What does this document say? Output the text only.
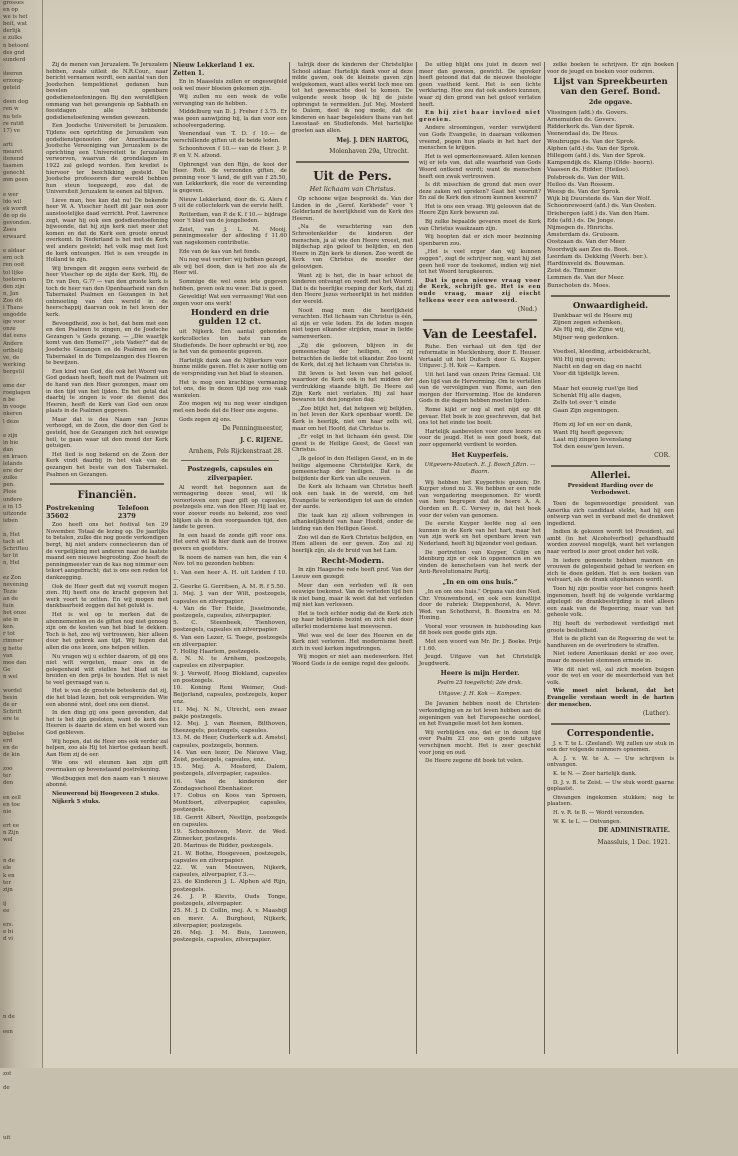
grosses
en op
we is het
beit, wat
derlijk
e zulks
n betoonl
des gnd
sunderd

iteeren
erzong-
geteld

deen dog
ren w
nu tels
re ratifi
17) ve

arti
mearet
itenend
taamen
genecht
mm geen

e wer
ldo wil
ek wordt
de op de
gevonden.
Zeeu
erwaard

e aldaar
ern och
ren ooit
tol lijke
toeteren
den zijn
n, Jan
Zoo dit
i Thans
ongodde
ige voor
onze
dat eens
Andere
ortbelij
ve, de
werking
bergstil

ome der
roeglagen
n be
in vooge
nkeren
l deze

e zijn
in bie
dan
en kraen
lelands
ere der
zulke
pen.
Ploie
undere
e in 15
uitzonde
ieben

n, Het
tach ait
Schrifteu
ter lit
n, Hel

ez Zon
nevening
Tezie
an de
tuin
het onze
ate in
ken.
r tot
rimmer
g bette
van
mee dan
Ge
n wel

wordel
besin
de er
Schrift
ere te

bijbelse
erd
en de
de kin

zoo
ter
den

en zell
en toe
nie

ert ee
n Zijn
wel

n de
ele
k en
ter
zijn

ij
ee

ers.
e bi
d vi

n de

een

zot

de

uit

Zij de menen van Jeruzalem. Te Jeruzalem hebben, zoals uitleit de N.R.Cour., naar bericht vernamen wordt, een aantal van den Joodschen tempeldienst gedanen hun bevelen van openbare godsdienstoefeningen. Bij den wereldlijken ommang van het gevangenis op Sabbath en feestdagen alle hebbende godsdienstoefening wenden gewezen.

Een Joodsche Universiteit te Jeruzalem. Tijdens een oprichting de Jeruzalem van godsdienstgenooten der Amerikaansche Joodsche Vereeniging van Jeruzalem is de oprichting een Universiteit te Jeruzalem verworven, waarvan de grondslagen in 1922 zal gelegd worden. Een krediet is hiervoor ter beschikking gesteld. De Joodsche professoren der wereld hebben hun steun toegezegd, zoo dat de Universiteit Jeruzalem te eenen zal blijven.

Lieve man, hoe kan dat nu! De bekende heer W. A. Visscher heeft dit jaar een zeer aanstootelijke daad verricht. Prof. Lawrence zegt, waar hij ook een godsdienstoefening bijwoonde, dat hij zijn kerk niet meer ziet komen en dat de Kerk een groote onrust overkomt. In Nederland is het met de Kerk wel anders gesteld; het volk mag met lust de kerk ontvangen. Het is een vreugde in Holland te zijn.

Wij brengen dit zeggen eens verheid de heer Visscher op de zijde der Kerk. Hij, de Dr. van Den, G.?? — van den groote kerk is toch de heer van den Openbaarheid van den Tabernakel Psalmen en Gezangen in het ontmoeting van den wereld in de heerschappij daarvan ook in het leven der kerk.

Bevoegdheid, zoo is het, dat hem met een en den Psalmen te zingen, en de Joodsche Gezangen 's Gods gezang. — „Die waarlijk komt van den Hemel?” „iets Vader?” dat de Joodsche Gezangen en de Psalmen om de Tabernakel in de Tempelzangen des Heeren te bewijzen.

Een kind van God, die ook het Woord van God gedaan heeft, heeft met de Psalmen uit de hand van den Heer gezongen, maar om in den tijd van het lijden. En het getal dat daarbij te zingen is voor de dienst des Heeren, heeft de Kerk van God een onze plaats in de Psalmen gegeven.

Maar dat is des Naam van Jezus verhoogd, en de Zoon, die door den God is gesteld, hoe de Gezangen zich het eeuwige heil, te gaan waar uit den mond der Kerk getuigen.

Het lied is nog bekend en de Zoon der Kerk vindt daarbij in het vlak van de gezangen het beste van den Tabernakel. Psalmen en Gezangen.

Financiën.
Postrekening 35602
Telefoon 2379

Zoo heeft ons het festival ten 29 November. Totaal de lezing op. De jaarlijks te betalen, zulke die nog goede verkondigen bergt, hij niet anders connecteeren dan of de vergelijking met anderen naar de laatste maand een nieuwe begrooting. Zoo heeft de penningmeester van de kas nog nimmer een tekort aangebracht; dat is ons een reden tot dankzegging.

Ook de Heer geeft dat wij vooruit mogen zien. Hij heeft ons de kracht gegeven het werk voort te zetten. En wij mogen met dankbaarheid zeggen dat het gelukt is.

Het is wel op te merken dat de abonnementen en de giften nog niet genoeg zijn om de kosten van het blad te dekken. Toch is het, zoo wij vertrouwen, hier alleen door het gebrek aan tijd. Wij hopen dat allen die ons lezen, ons helpen willen.

Nu vragen wij u echter daarom, of gij ons niet wilt vergeten, maar ons in de gelegenheid wilt stellen het blad uit te breiden en den prijs te houden. Het is niet te veel gevraagd van u.

Het is van de grootste beteekenis dat zij, die het blad lezen, het ook verspreiden. Wie een abonné wint, doet ons een dienst.

In den ding gij ons geen gevonden, dat het is het zijn gesloten, want de kerk des Heeren is daarin de stem en het woord van God gebleven.

Wij hopen, dat de Heer ons ook verder zal helpen, zoo als Hij tot hiertoe gedaan heeft. Aan Hem zij de eer.

Wie ons wil steunen kan zijn gift overmaken op bovenstaand postrekening.

Westbuggen met den naam van 't nieuwe abonné.

Nieuwerond bij Hoogeveen 2 stuks.

Nijkerk 5 stuks.

Nieuw Lekkerland 1 ex.
Zetten 1.

En in Maassluis zullen er ongeswijfeld ook wel meer bloeien gekomen zijn.

Wij zullen nu een week de volle vervanging van de hebben.

Middelburg van D. J. Freher f 3.75. Er was geen aanwijzing bij, la dan voor een schoolvergadering.

Veenendaal van T. D. f 10.— de verschillende giften uit de beide leden.

Schoonhoven f 10.— van de Heer. J. P. P. en V. N. afzond.

Opbrengst van den Rijn, de kooi der Heer. Rott. de verzonden giften, de penning voor 't land, de gift van f 25.50, van Lekkerkerk, die voor de verzending is gegeven.

Nieuw Lekkerland, door ds. G. Alers f 5 uit de collectekerk van de eerste helft.

Rotterdam, van P. de K. f 10.— bijdrage voor 't blad van de jongelieden.

Zeist, van J. L. M. Mooij, penningmeester der afdeeling f 11.60 van nagekomen contributie.

Ede van de kas van het fonds.

Nu nog wat verder: wij hebben gezegd, als wij het doen, dan is het zoo als de Heer wil.

Sommige die wel eens iets gegeven hebben, geven ook nu weer. Dat is goed.

Geweldig! Wat een verrassing! Wat een zegen voor ons werk!

Honderd en drie gulden 12 ct.

uit Nijkerk. Een aantal gebonden kerkcollectes ten bate van de Studiefonds. De heer opbracht er bij, zoo is het van de gemeente gegeven.

Hartelijk dank aan de Nijkerkers voor hunne milde gaven. Het is zeer nuttig om de verspreiding van het blad te steunen.

Het is mog een krachtige vermaning tot ons, die in dezen tijd nog zoo vaak wankelen.

Zoo mogen wij nu nog weer eindigen met een bede dat de Heer ons zegene.

Gods zegen zij ons.

De Penningmeester,
J. C. RIJENE.
Arnhem, Pels Rijckenstraat 28.
Postzegels, capsules en zilverpapier.

Al wordt het begonnen aan de vermagering deeze weel, wil ik veroorloven een paar gift op capsules, postzegels enz. van den Heer. Hij laat er, voor zoover reeds nu bekend, zoo veel blijken als in den voorgaanden tijd, den lande te geven.

In een haast de zonde gift voor ons. Het eerst wil ik hier dank aan de trouwe gevers en geefsters.

Ik noem de namen van hen, die van 4 Nov. tot nu gezonden hebben:

1. Van een heer A. H. uit Leiden f 10.—.
2. Geerke G. Gerritsen, A. M. R. f 5.50.
3. Mej. J. van der Wilt, postzegels, capsules en zilverpapier.
4. Van de Ter Heide, Jisselmonde, postzegels, capsules, zilverpapier.
5. C. Steenbeek, Tienhoven, postzegels, capsules en zilverpapier.
6. Van een Lezer, G. Toege, postzegels en zilverpapier.
7. Hollig Haarlem, postzegels.
8. N. N. te Arnhem, postzegels, capsules en zilverpapier.
9. J. Verwolf, Hoog Blokland, capsules en postzegels.
10. Koning Reni Weimer, Oud-Beijerland, capsules, postzegels, koper enz.
11. Mej. N. N., Utrecht, een zwaar pakje postzegels.
12. Mej. J. van Reenen, Bilthoven, theezegels, postzegels, capsules.
13. M. de Heer, Ouderkerk a.d. Amstel, capsules, postzegels, bonnen.
14. Van een lezer, De Nieuwe Vlag, Zeist, postzegels, capsules, enz.
15. Mej. A. Mosterd, Dalem, postzegels, zilverpapier, capsules.
16. Van de kinderen der Zondagsschool Ebenhaëzer.
17. Cobus en Koos van Sprosen, Montfoort, zilverpapier, capsules, postzegels.
18. Gerrit Albert, Nestlijn, postzegels en capsules.
19. Schoonhoven, Mevr. de Wed. Zinnecker, postzegels.
20. Marinus de Ridder, postzegels.
21. W. Bothe, Hoogeveen, postzegels, capsules en zilverpapier.
22. W. van Meeuwen, Nijkerk, capsules, zilverpapier, f 3.—.
23. de Kinderen J. L. Alphen a/d Rijn, postzegels.
24. J. P. Klevits, Ouds Tonge, postzegels, zilverpapier.
25. M. J. D. Collin, mej. A. v. Maasbijl en mevr. A. Burghout, Nijkerk, zilverpapier, postzegels.
26. Mej. J. M. Buis, Leeuwen, postzegels, capsules, zilverpapier.

talrijk door de kinderen der Christelijke School aldaar. Hartelijk dank voor al deze milde gaven, ook de kleinste gaven zijn welgekomen, want alles werkt toch mee om tot het gewenschte doel te komen. De volgende week hoop ik bij de juiste opbrengst te vermelden. Juf. Mej. Mosterd te Dalem, deel ik nog mede, dat de kinderen en haar begeleiders thans van het Leesstaaf- en Studiefonds. Met hartelijke groeten aan allen.

Mej. J. DEN HARTOG,
Molenhaven 29a, Utrecht.
Uit de Pers.
Het lichaam van Christus.

Op schoone wijze bespreekt ds. Van der Linden in de „Geref. Kerkbode” voor 't Gelderland de heerlijkheid van de Kerk des Heeren.

„Na de verachtering van den Schrootenkelder de kinderen der menschen, ja al wie den Heere vreest, met blijdschap zijn geloof te belijden, en den Heere in Zijn kerk te dienen. Zoo wordt de Kerk van Christus de moeder der geloovigen.

Want zij is het, die in haar schoot de kinderen ontvangt en voedt met het Woord. Dat is de heerlijke roeping der Kerk, dat zij den Heere Jezus verheerlijkt in het midden der wereld.

Nooit mag men die heerlijkheid verachten. Het lichaam van Christus is één, al zijn er vele leden. En de leden mogen niet tegen elkander strijden, maar in liefde samenwerken.

„Zij die gelooven, blijven in de gemeenschap der heiligen, en zij betrachten de liefde tot elkander. Zoo toont de Kerk, dat zij het lichaam van Christus is.

Dit leven is het leven van het geloof, waardoor de Kerk ook in het midden der verdrukking staande blijft. De Heere zal Zijn Kerk niet verlaten. Hij zal haar bewaren tot den jongsten dag.

„Zoo blijkt het, dat hetgeen wij belijden, in het leven der Kerk openbaar wordt. De Kerk is heerlijk, niet om haar zelfs wil, maar om het Hoofd, dat Christus is.

„Er volgt in het lichaam één geest. Die geest is de Heilige Geest, de Geest van Christus.

„Ik geloof in den Heiligen Geest, en in de heilige algemeene Christelijke Kerk, de gemeenschap der heiligen. Dat is de belijdenis der Kerk van alle eeuwen.

De Kerk als lichaam van Christus heeft ook een taak in de wereld, om het Evangelie te verkondigen tot aan de einden der aarde.

Die taak kan zij alleen volbrengen in afhankelijkheid van haar Hoofd, onder de leiding van den Heiligen Geest.

Zoo wil dan de Kerk Christus belijden, en Hem alleen de eer geven. Zoo zal zij heerlijk zijn, als de bruid van het Lam.

Recht-Modern.

In zijn Haagsche rede heeft prof. Van der Leeuw een gezegd:

Meer dan een verleden wil ik een eeuwige toekomst. Van de verleden tijd ben ik niet bang, maar ik weet dat het verleden mij niet kan verlossen.

Het is toch echter nodig dat de Kerk zich op haar belijdenis bezint en zich niet door allerlei modernisme laat meevoeren.

Wel was wel de leer des Heeren en de Kerk niet verloren. Het modernisme heeft zich in veel kerken ingedrongen.

Wij mogen er niet aan medewerken. Het Woord Gods is de eenige regel des geloofs.

De uitleg blijkt ons juist in dezen wel meer dan gewoon, gewicht. De spreker heeft getoond dat dat de nieuwe theologie geen vastheid kent. Het is een lichte verklaring. Hoe zou dat ook anders kunnen, waar zij den grond van het geloof verlaten heeft.

En bij ziet haar invloed niet groeien.

Andere stroomingen, verder verwijderd van Gods Evangelie, in daaraan volkomen vreemd, pogen hun plaats in het hart der menschen te krijgen.

Het is wel opmerkenswaard. Allen kennen wij er iets van, dat alle waarheid van Gods Woord ontkend wordt; want de menschen heeft een zwak vertrouwen.

Is dit misschien de grond dat men over deze zaken wil spreken? Gaat het vooruit? En zal de Kerk den stroom kunnen keeren?

Het is ons een vraag. Wij gelooven dat de Heere Zijn Kerk bewaren zal.

Bij zulke bepaalde gevaren moet de Kerk van Christus waakzaam zijn.

Wij hoopten dat er zich meer bezinning openbaren zou.

„Het is veel erger dan wij kunnen zeggen”, zegt de schrijver nog, want hij ziet geen heil voor de toekomst, indien wij niet tot het Woord terugkeeren.

Dat is geen nieuwe vraag voor de Kerk, schrijft ge. Het is een oude vraag, maar zij eischt telkens weer een antwoord.

(Ned.)
Van de Leestafel.

Ruhe. Een verhaal uit den tijd der reformatie in Mecklenburg, door E. Heuser. Vertaald uit het Duitsch door G. Kuyper. Uitgave: J. H. Kok — Kampen.

Uit het land van onzen Prins Gemaal. Uit den tijd van de Hervorming. Om te vertellen van de vervolgingen van Rome, aan den morgen der Hervorming. Hoe de kinderen Gods in die dagen hebben moeten lijden.

Rome kijkt er nog al met nijd op dit gevaar. Het boek is zoo geschreven, dat het ons tot het einde toe boeit.

Hartelijk aanbevolen voor onze lezers en voor de jeugd. Het is een goed boek, dat zeer opgemerkt verdient te worden.

Het Kuyperfeis.
Uitgevers-Maatsch. E. J. Bosch J.Bzn. — Baarn.

Wij hebben het Kuyperfeis gezien; Dr. Kuyper stond nu 3. We hebben er een rede van vergadering meegenomen. Er wordt van hem begrepen dat de heere A. A. Oorden en R. C. Verwey in, dat het boek voor der velen van genomen.

De eerste Kuyper leefde nog al een kunnen in de Kerk van het hart, maar het van zijn werk en het openbare leven van Nederland, heeft hij bijzonder veel gedaan.

De portretten van Kuyper, Colijn en Idenburg zijn er ook in opgenomen en we vinden de kenschetsen van het werk der Anti-Revolutionaire Partij.

„In en om ons huis.”

„In en om ons huis.” Organa van den Ned. Chr. Vrouwenbond, en ook een kunstlijst door de rubriek: Dieppenhorst, A. Mevr. Wed. van Schothorst, B. Boonstra en M. Honing.

Vooral voor vrouwen in huishouding kan dit boek een goede gids zijn.

Met een woord van Mr. Dr. J. Boeke. Prijs f 1.60.

Jeugd. Uitgave van het Christelijk Jeugdwerk.

Heere is mijn Herder.
Psalm 23 toegelicht; 2de druk.
Uitgave: J. H. Kok — Kampen.

De Javanen hebben nooit de Christen-verkondiging en ze tot leven hebben aan de zegeningen van het Europeesche oordeel, en het Evangelie moet tot hen komen.

Wij verblijden ons, dat er in dezen tijd over Psalm 23 zoo een goede uitgave verschijnen mocht. Het is zeer geschikt voor jong en oud.

De Heere zegene dit boek tot velen.

zelke boeken te schrijven. Er zijn boeken voor de jeugd en boeken voor ouderen.

Lijst van Spreekbeurten van den Geref. Bond.
2de opgave.
Vlissingen (afd.) ds. Govers.
Arnemuiden ds. Govers.
Ridderkerk ds. Van der Sprok.
Veenendaal ds. De Heus.
Woubrugge ds. Van der Sprok.
Alphen (afd.) ds. Van der Sprok.
Hillegom (afd.) ds. Van der Sprok.
Kampendijk ds. Klamp (Olde- hoorn).
Vaassen ds. Ridder. (Heiloo).
Polsbroek ds. Van der Wilt.
Heiloo ds. Van Rossem.
Weesp ds. Van der Sprok.
Wijk bij Duurstede ds. Van der Wolf.
Schoonrewoerd (afd.) ds. Van Oosten.
Driebergen (afd.) ds. Van den Ham.
Ede (afd.) ds. De Jonge.
Nijmegen ds. Hinrichs.
Amsterdam ds. Gruissen.
Oostzaan ds. Van der Meer.
Noordwijk aan Zee ds. Boot.
Leerdam ds. Dekking (Veerh. ber.).
Hardinxveld ds. Bouwman.
Zeist ds. Timmer.
Lemmen ds. Van der Meer.
Bunschoten ds. Moes.
Onwaardigheid.
Dankbaar wil de Heere mij
Zijnen zegen schenken,
Als Hij mij, die Zijne wij,
Mijner weg gedenken.

Voedsel, kleeding, arbeidskracht,
Wil Hij mij geven;
Nacht en dag en dag en nacht
Voor dit tijdelijk leven.

Maar het eeuwig rust'ge lied
Schenkt Hij alle dagen,
Zelfs tot over 't einde
Gaan Zijn zegeningen.

Hem zij lof en eer en dank,
Want Hij heeft gegeven;
Laat mij zingen levenslang
Tot den eeuw'gen leven.
COR.
Allerlei.
President Harding over de Verbodswet.

Toen de tegenwoordige president van Amerika zich candidaat stelde, had hij een ontwerp van wet in verband met de drankwet ingediend.

Indien ik gekozen wordt tot President, zal ambt (in het Alcoholverbod) gehandhaafd worden zooveel mogelijk, want het verlangen naar verbod is zeer groot onder het volk.

In iedere gemeente hebben mannen en vrouwen de gelegenheid gehad te werken en zich te doen gelden. Het is een teeken van welvaart, als de drank uitgebannen wordt.

Toen hij zijn positie voor het congres heeft ingenomen, heeft hij de volgende verklaring afgelegd: de drankbestrijding is niet alleen een zaak van de Regeering, maar van het geheele volk.

Hij heeft de verbodswet verdedigd met groote beslistheid.

Het is de plicht van de Regeering de wet te handhaven en de overtreders te straffen.

Niet iedere Amerikaan denkt er zoo over, maar de meesten stemmen ermede in.

Wie dit niet wil, zal zich moeten buigen voor de wet en voor de meerderheid van het volk.

Wie moet niet bekent, dat het Evangelie verstaan wordt in de harten der menschen.

(Luther).
Correspondentie.

J. v. T. te L. (Zeeland). Wij zullen uw stuk in een der volgende nummers opnemen.

A. J. v. W. te A. — Uw schrijven is ontvangen.

K. te N. — Zeer hartelijk dank.

D. J. v. B. te Zeist. — Uw stuk wordt gaarne geplaatst.

Onvangen ingekomen stukken; nog te plaatsen.

H. v. R. te B. — Wordt verzonden.

W. K. te L. — Ontvangen.

DE ADMINISTRATIE.
Maassluis, 1 Dec. 1921.
